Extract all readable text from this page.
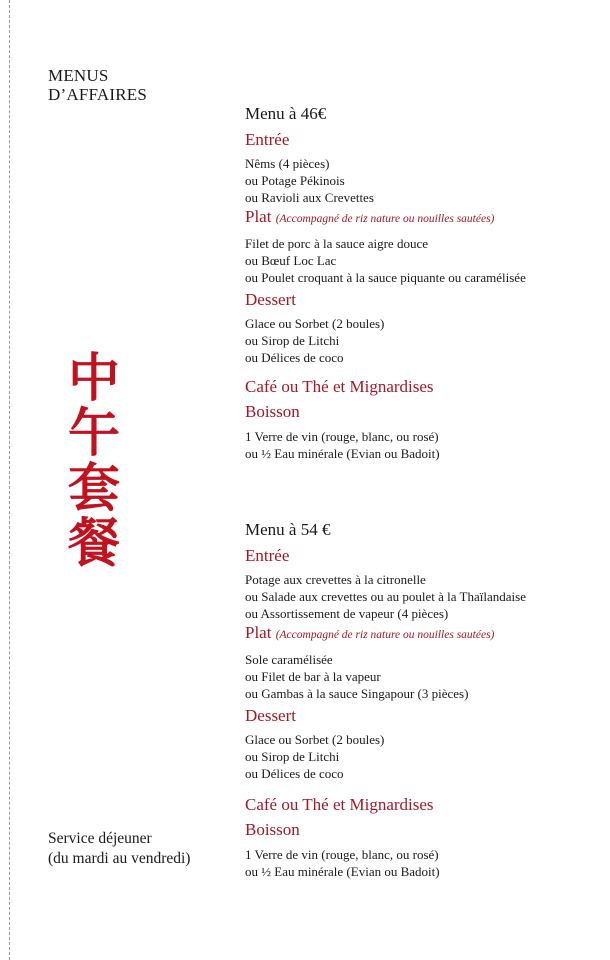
MENUS
D’AFFAIRES
中
午
套
餐
Service déjeuner
(du mardi au vendredi)
Menu à 46€
Entrée
Nêms (4 pièces)
ou Potage Pékinois
ou Ravioli aux Crevettes
Plat (Accompagné de riz nature ou nouilles sautées)
Filet de porc à la sauce aigre douce
ou Bœuf Loc Lac
ou Poulet croquant à la sauce piquante ou caramélisée
Dessert
Glace ou Sorbet (2 boules)
ou Sirop de Litchi
ou Délices de coco
Café ou Thé et Mignardises
Boisson
1 Verre de vin (rouge, blanc, ou rosé)
ou ½ Eau minérale (Evian ou Badoit)
Menu à 54 €
Entrée
Potage aux crevettes à la citronelle
ou Salade aux crevettes ou au poulet à la Thaïlandaise
ou Assortissement de vapeur (4 pièces)
Plat (Accompagné de riz nature ou nouilles sautées)
Sole caramélisée
ou Filet de bar à la vapeur
ou Gambas à la sauce Singapour (3 pièces)
Dessert
Glace ou Sorbet (2 boules)
ou Sirop de Litchi
ou Délices de coco
Café ou Thé et Mignardises
Boisson
1 Verre de vin (rouge, blanc, ou rosé)
ou ½ Eau minérale (Evian ou Badoit)
